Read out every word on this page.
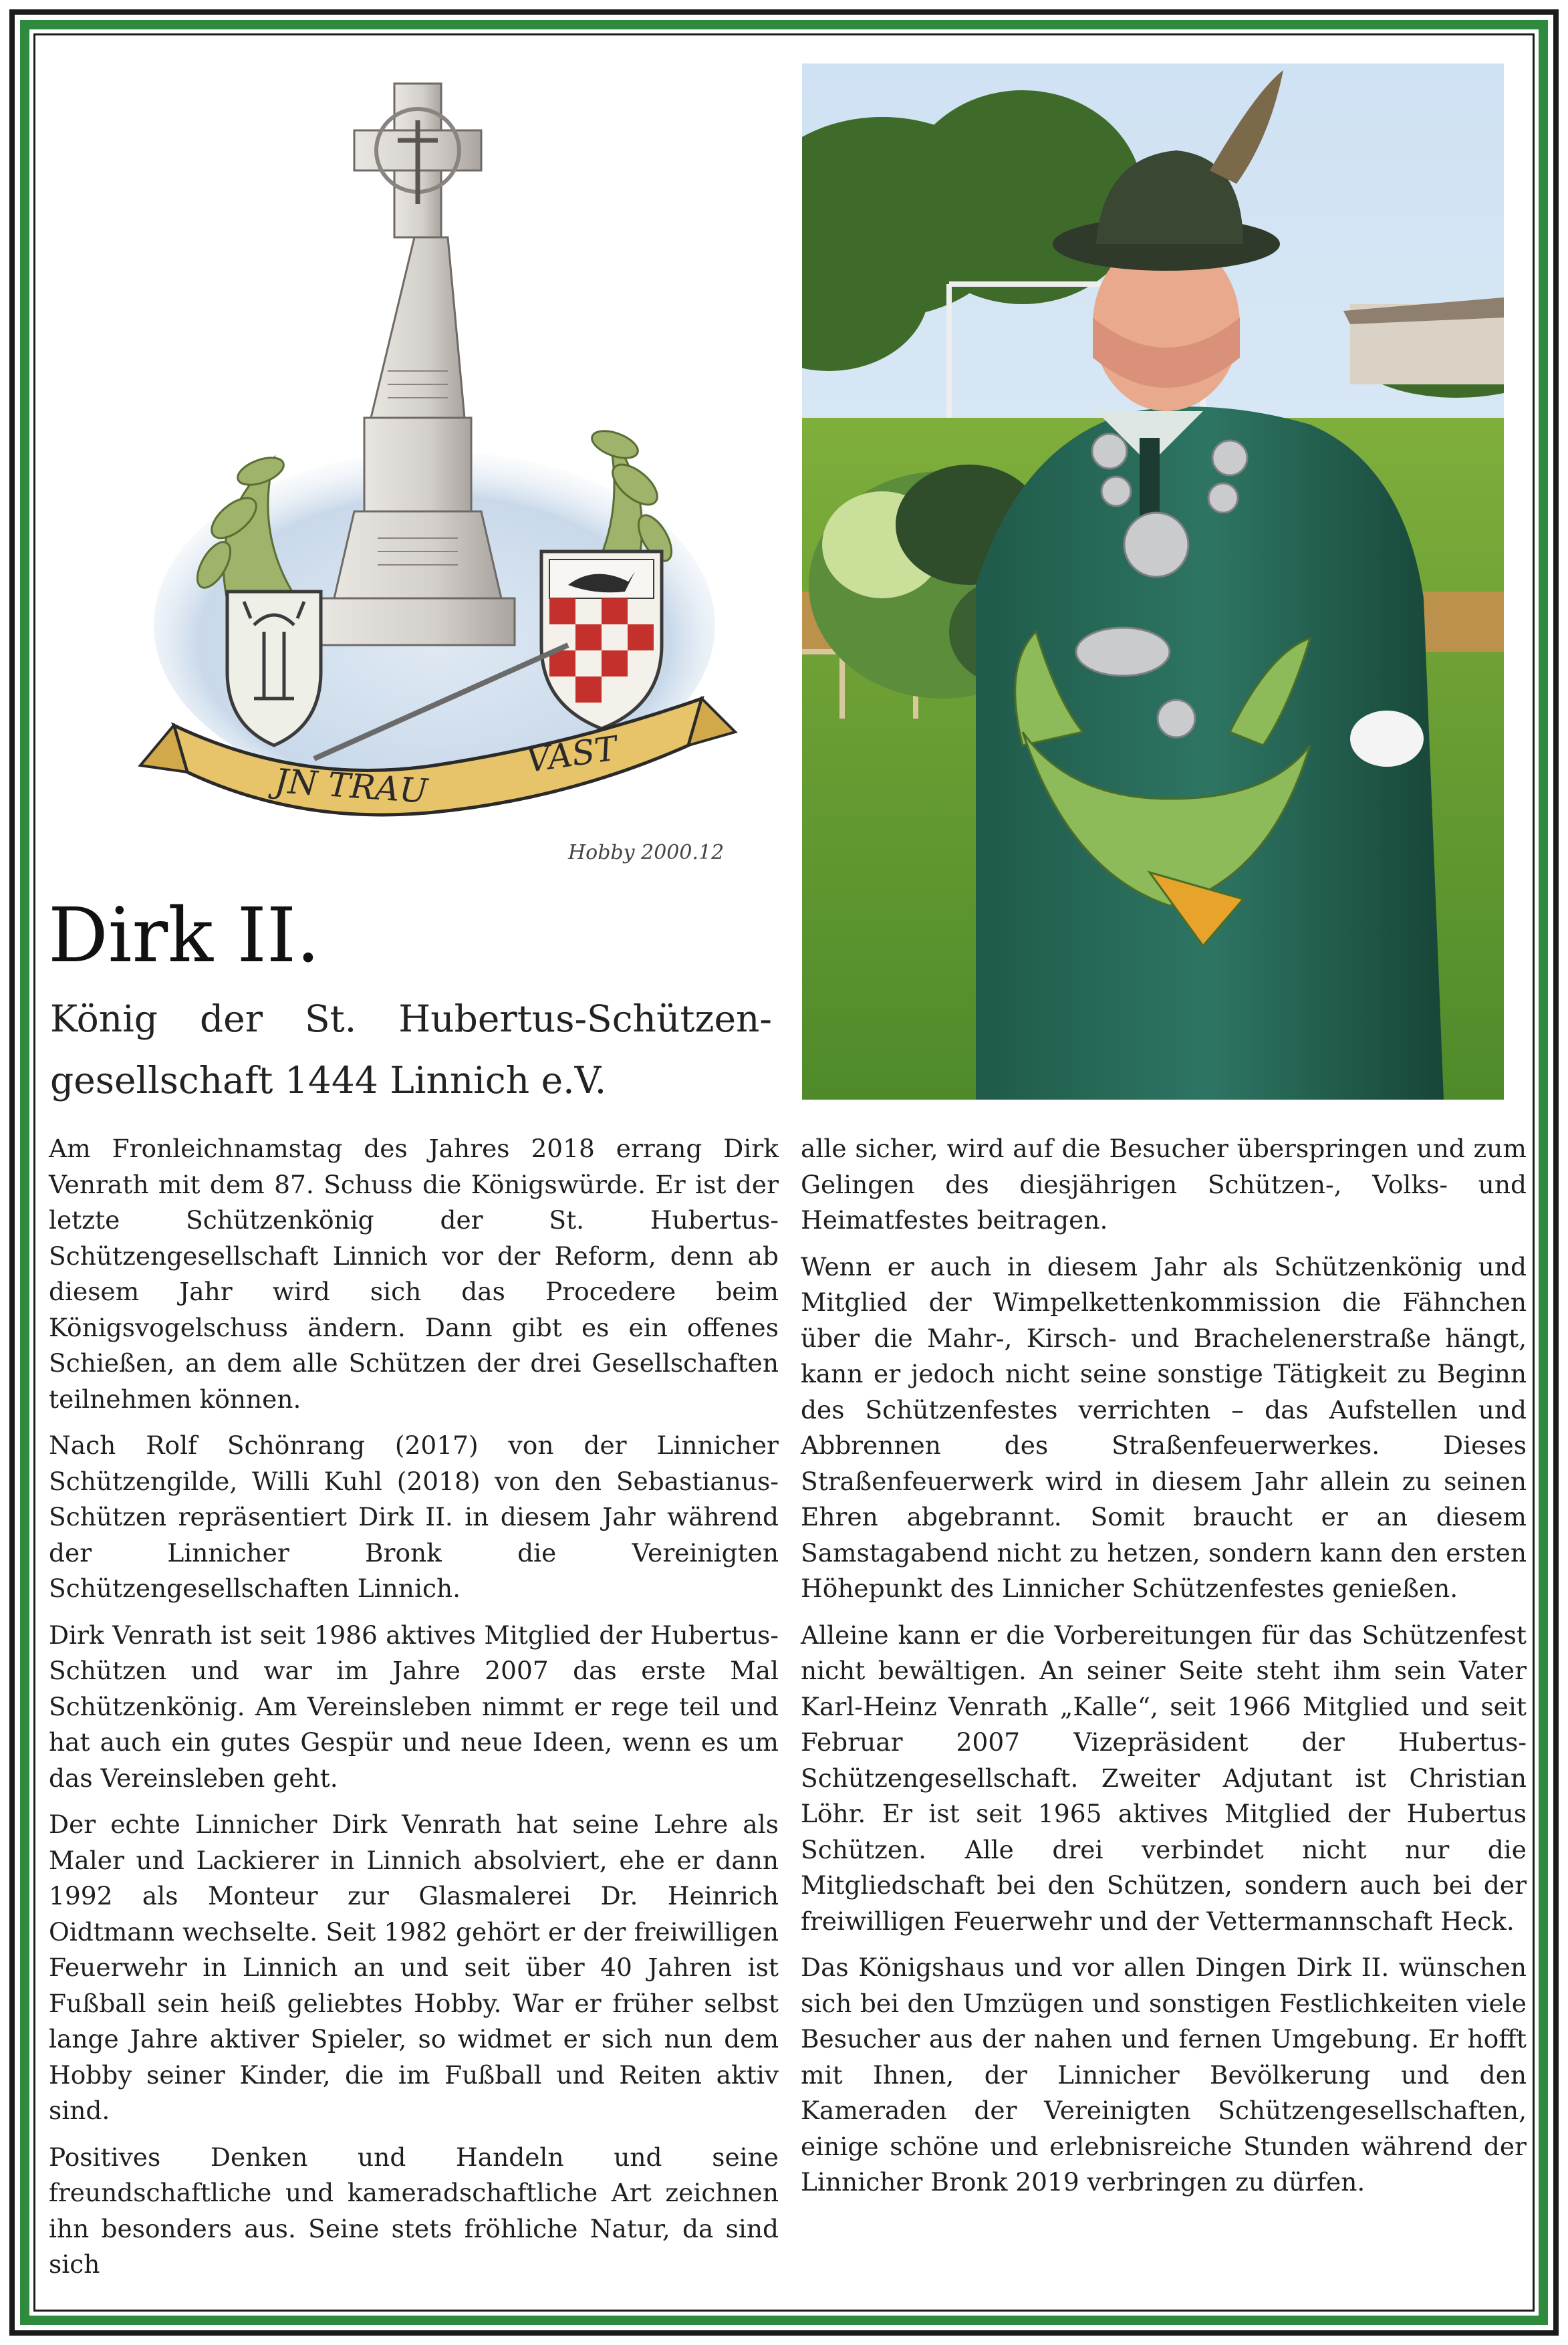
JN TRAU
VAST
Hobby 2000.12
Dirk II.
König der St. Hubertus-Schützen-

gesellschaft 1444 Linnich e.V.

Am Fronleichnamstag des Jahres 2018 errang Dirk Venrath mit dem 87. Schuss die Königswürde. Er ist der letzte Schützenkönig der St. Hubertus-Schützengesellschaft Linnich vor der Reform, denn ab diesem Jahr wird sich das Procedere beim Königsvogelschuss ändern. Dann gibt es ein offenes Schießen, an dem alle Schützen der drei Gesellschaften teilnehmen können.

Nach Rolf Schönrang (2017) von der Linnicher Schützengilde, Willi Kuhl (2018) von den Sebastianus-Schützen repräsentiert Dirk II. in diesem Jahr während der Linnicher Bronk die Vereinigten Schützengesellschaften Linnich.

Dirk Venrath ist seit 1986 aktives Mitglied der Hubertus-Schützen und war im Jahre 2007 das erste Mal Schützenkönig. Am Vereinsleben nimmt er rege teil und hat auch ein gutes Gespür und neue Ideen, wenn es um das Vereinsleben geht.

Der echte Linnicher Dirk Venrath hat seine Lehre als Maler und Lackierer in Linnich absolviert, ehe er dann 1992 als Monteur zur Glasmalerei Dr. Heinrich Oidtmann wechselte. Seit 1982 gehört er der freiwilligen Feuerwehr in Linnich an und seit über 40 Jahren ist Fußball sein heiß geliebtes Hobby. War er früher selbst lange Jahre aktiver Spieler, so widmet er sich nun dem Hobby seiner Kinder, die im Fußball und Reiten aktiv sind.

Positives Denken und Handeln und seine freundschaftliche und kameradschaftliche Art zeichnen ihn besonders aus. Seine stets fröhliche Natur, da sind sich

alle sicher, wird auf die Besucher überspringen und zum Gelingen des diesjährigen Schützen-, Volks- und Heimatfestes beitragen.

Wenn er auch in diesem Jahr als Schützenkönig und Mitglied der Wimpelkettenkommission die Fähnchen über die Mahr-, Kirsch- und Brachelenerstraße hängt, kann er jedoch nicht seine sonstige Tätigkeit zu Beginn des Schützenfestes verrichten – das Aufstellen und Abbrennen des Straßenfeuerwerkes. Dieses Straßenfeuerwerk wird in diesem Jahr allein zu seinen Ehren abgebrannt. Somit braucht er an diesem Samstagabend nicht zu hetzen, sondern kann den ersten Höhepunkt des Linnicher Schützenfestes genießen.

Alleine kann er die Vorbereitungen für das Schützenfest nicht bewältigen. An seiner Seite steht ihm sein Vater Karl-Heinz Venrath „Kalle“, seit 1966 Mitglied und seit Februar 2007 Vizepräsident der Hubertus-Schützengesellschaft. Zweiter Adjutant ist Christian Löhr. Er ist seit 1965 aktives Mitglied der Hubertus Schützen. Alle drei verbindet nicht nur die Mitgliedschaft bei den Schützen, sondern auch bei der freiwilligen Feuerwehr und der Vettermannschaft Heck.

Das Königshaus und vor allen Dingen Dirk II. wünschen sich bei den Umzügen und sonstigen Festlichkeiten viele Besucher aus der nahen und fernen Umgebung. Er hofft mit Ihnen, der Linnicher Bevölkerung und den Kameraden der Vereinigten Schützengesellschaften, einige schöne und erlebnisreiche Stunden während der Linnicher Bronk 2019 verbringen zu dürfen.
